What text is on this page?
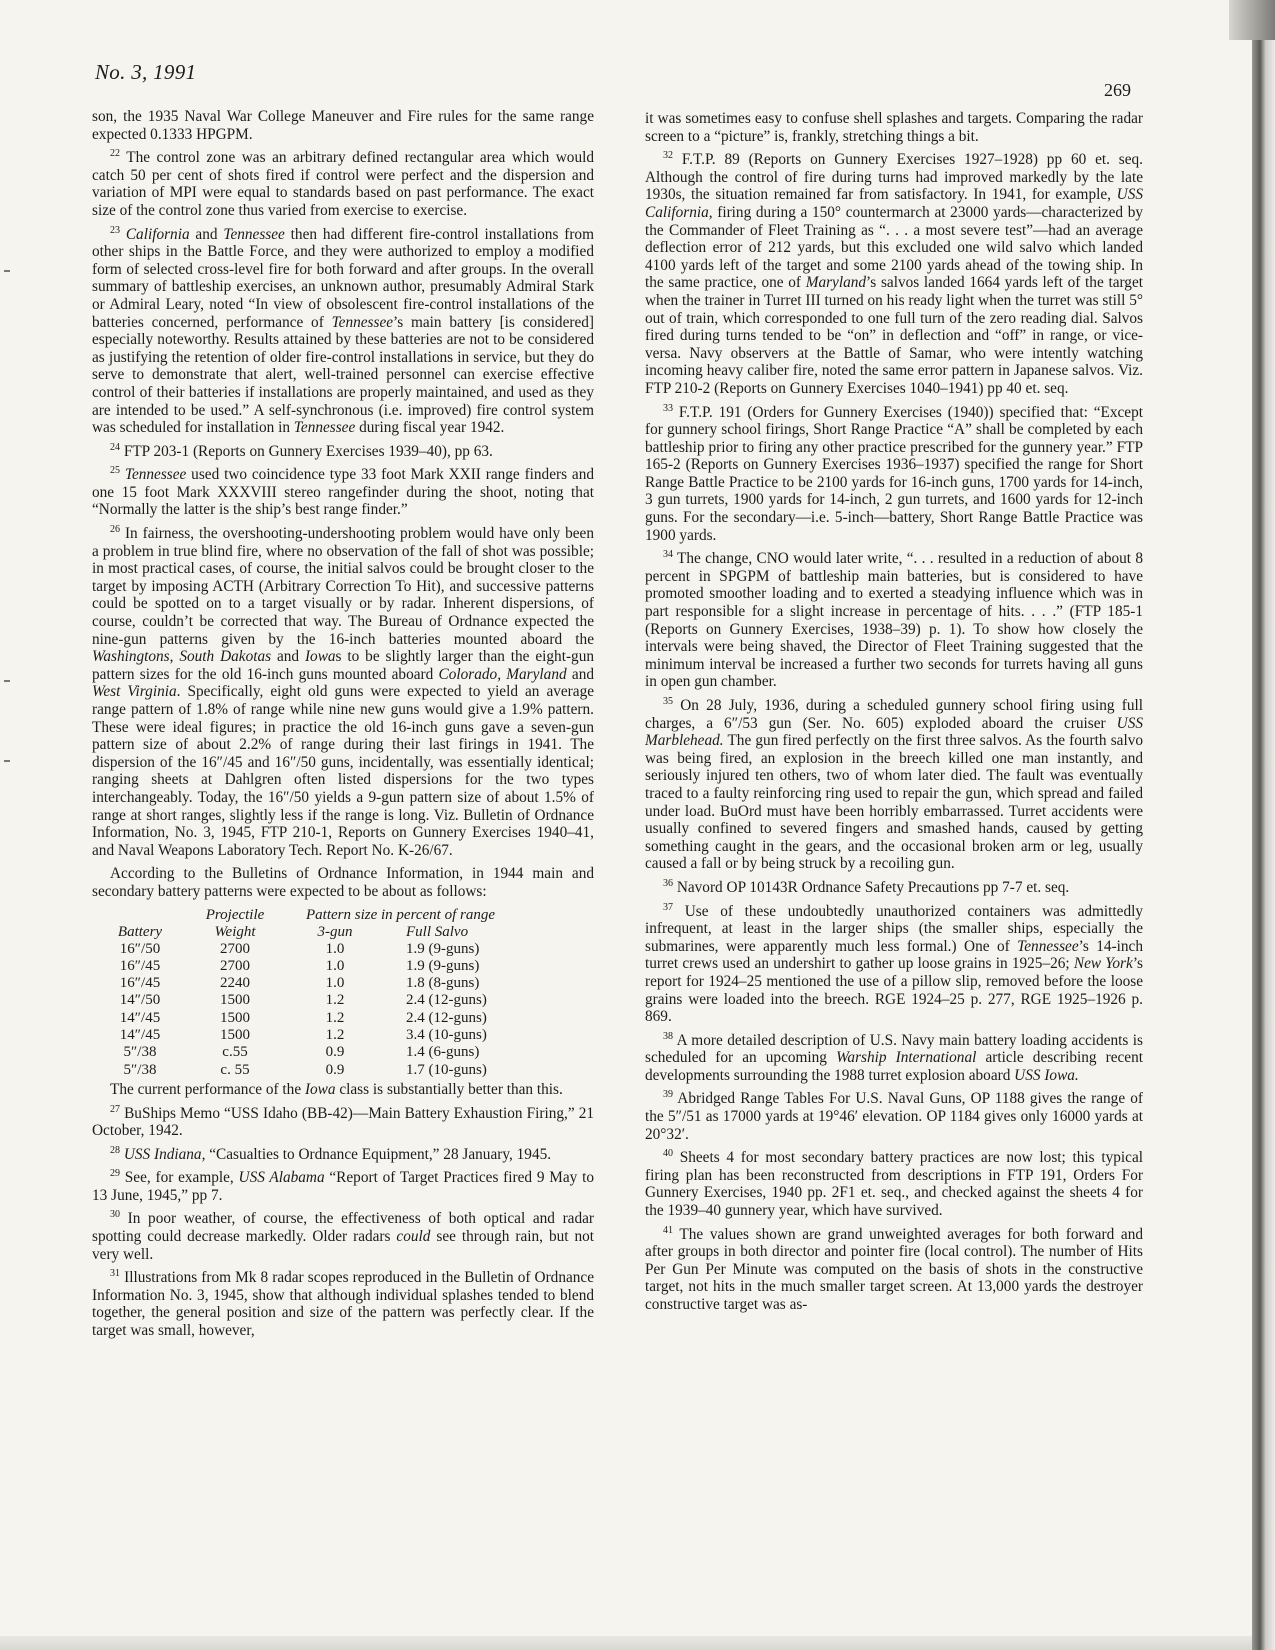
No. 3, 1991
269

son, the 1935 Naval War College Maneuver and Fire rules for the same range expected 0.1333 HPGPM.

$^{22}$ The control zone was an arbitrary defined rectangular area which would catch 50 per cent of shots fired if control were perfect and the dispersion and variation of MPI were equal to standards based on past performance. The exact size of the control zone thus varied from exercise to exercise.

$^{23}$ California and Tennessee then had different fire-control installations from other ships in the Battle Force, and they were authorized to employ a modified form of selected cross-level fire for both forward and after groups. In the overall summary of battleship exercises, an unknown author, presumably Admiral Stark or Admiral Leary, noted “In view of obsolescent fire-control installations of the batteries concerned, performance of Tennessee’s main battery [is considered] especially noteworthy. Results attained by these batteries are not to be considered as justifying the retention of older fire-control installations in service, but they do serve to demonstrate that alert, well-trained personnel can exercise effective control of their batteries if installations are properly maintained, and used as they are intended to be used.” A self-synchronous (i.e. improved) fire control system was scheduled for installation in Tennessee during fiscal year 1942.

$^{24}$ FTP 203-1 (Reports on Gunnery Exercises 1939–40), pp 63.

$^{25}$ Tennessee used two coincidence type 33 foot Mark XXII range finders and one 15 foot Mark XXXVIII stereo rangefinder during the shoot, noting that “Normally the latter is the ship’s best range finder.”

$^{26}$ In fairness, the overshooting-undershooting problem would have only been a problem in true blind fire, where no observation of the fall of shot was possible; in most practical cases, of course, the initial salvos could be brought closer to the target by imposing ACTH (Arbitrary Correction To Hit), and successive patterns could be spotted on to a target visually or by radar. Inherent dispersions, of course, couldn’t be corrected that way. The Bureau of Ordnance expected the nine-gun patterns given by the 16-inch batteries mounted aboard the Washingtons, South Dakotas and Iowas to be slightly larger than the eight-gun pattern sizes for the old 16-inch guns mounted aboard Colorado, Maryland and West Virginia. Specifically, eight old guns were expected to yield an average range pattern of 1.8% of range while nine new guns would give a 1.9% pattern. These were ideal figures; in practice the old 16-inch guns gave a seven-gun pattern size of about 2.2% of range during their last firings in 1941. The dispersion of the 16″/45 and 16″/50 guns, incidentally, was essentially identical; ranging sheets at Dahlgren often listed dispersions for the two types interchangeably. Today, the 16″/50 yields a 9-gun pattern size of about 1.5% of range at short ranges, slightly less if the range is long. Viz. Bulletin of Ordnance Information, No. 3, 1945, FTP 210-1, Reports on Gunnery Exercises 1940–41, and Naval Weapons Laboratory Tech. Report No. K-26/67.

According to the Bulletins of Ordnance Information, in 1944 main and secondary battery patterns were expected to be about as follows:

	Projectile	Pattern size in percent of range	
Battery	Weight	3-gun	Full Salvo
16″/50	2700	1.0	1.9 (9-guns)
16″/45	2700	1.0	1.9 (9-guns)
16″/45	2240	1.0	1.8 (8-guns)
14″/50	1500	1.2	2.4 (12-guns)
14″/45	1500	1.2	2.4 (12-guns)
14″/45	1500	1.2	3.4 (10-guns)
5″/38	c.55	0.9	1.4 (6-guns)
5″/38	c. 55	0.9	1.7 (10-guns)

The current performance of the Iowa class is substantially better than this.

$^{27}$ BuShips Memo “USS Idaho (BB-42)—Main Battery Exhaustion Firing,” 21 October, 1942.

$^{28}$ USS Indiana, “Casualties to Ordnance Equipment,” 28 January, 1945.

$^{29}$ See, for example, USS Alabama “Report of Target Practices fired 9 May to 13 June, 1945,” pp 7.

$^{30}$ In poor weather, of course, the effectiveness of both optical and radar spotting could decrease markedly. Older radars could see through rain, but not very well.

$^{31}$ Illustrations from Mk 8 radar scopes reproduced in the Bulletin of Ordnance Information No. 3, 1945, show that although individual splashes tended to blend together, the general position and size of the pattern was perfectly clear. If the target was small, however,

it was sometimes easy to confuse shell splashes and targets. Comparing the radar screen to a “picture” is, frankly, stretching things a bit.

$^{32}$ F.T.P. 89 (Reports on Gunnery Exercises 1927–1928) pp 60 et. seq. Although the control of fire during turns had improved markedly by the late 1930s, the situation remained far from satisfactory. In 1941, for example, USS California, firing during a 150° countermarch at 23000 yards—characterized by the Commander of Fleet Training as “. . . a most severe test”—had an average deflection error of 212 yards, but this excluded one wild salvo which landed 4100 yards left of the target and some 2100 yards ahead of the towing ship. In the same practice, one of Maryland’s salvos landed 1664 yards left of the target when the trainer in Turret III turned on his ready light when the turret was still 5° out of train, which corresponded to one full turn of the zero reading dial. Salvos fired during turns tended to be “on” in deflection and “off” in range, or vice-versa. Navy observers at the Battle of Samar, who were intently watching incoming heavy caliber fire, noted the same error pattern in Japanese salvos. Viz. FTP 210-2 (Reports on Gunnery Exercises 1040–1941) pp 40 et. seq.

$^{33}$ F.T.P. 191 (Orders for Gunnery Exercises (1940)) specified that: “Except for gunnery school firings, Short Range Practice “A” shall be completed by each battleship prior to firing any other practice prescribed for the gunnery year.” FTP 165-2 (Reports on Gunnery Exercises 1936–1937) specified the range for Short Range Battle Practice to be 2100 yards for 16-inch guns, 1700 yards for 14-inch, 3 gun turrets, 1900 yards for 14-inch, 2 gun turrets, and 1600 yards for 12-inch guns. For the secondary—i.e. 5-inch—battery, Short Range Battle Practice was 1900 yards.

$^{34}$ The change, CNO would later write, “. . . resulted in a reduction of about 8 percent in SPGPM of battleship main batteries, but is considered to have promoted smoother loading and to exerted a steadying influence which was in part responsible for a slight increase in percentage of hits. . . .” (FTP 185-1 (Reports on Gunnery Exercises, 1938–39) p. 1). To show how closely the intervals were being shaved, the Director of Fleet Training suggested that the minimum interval be increased a further two seconds for turrets having all guns in open gun chamber.

$^{35}$ On 28 July, 1936, during a scheduled gunnery school firing using full charges, a 6″/53 gun (Ser. No. 605) exploded aboard the cruiser USS Marblehead. The gun fired perfectly on the first three salvos. As the fourth salvo was being fired, an explosion in the breech killed one man instantly, and seriously injured ten others, two of whom later died. The fault was eventually traced to a faulty reinforcing ring used to repair the gun, which spread and failed under load. BuOrd must have been horribly embarrassed. Turret accidents were usually confined to severed fingers and smashed hands, caused by getting something caught in the gears, and the occasional broken arm or leg, usually caused a fall or by being struck by a recoiling gun.

$^{36}$ Navord OP 10143R Ordnance Safety Precautions pp 7-7 et. seq.

$^{37}$ Use of these undoubtedly unauthorized containers was admittedly infrequent, at least in the larger ships (the smaller ships, especially the submarines, were apparently much less formal.) One of Tennessee’s 14-inch turret crews used an undershirt to gather up loose grains in 1925–26; New York’s report for 1924–25 mentioned the use of a pillow slip, removed before the loose grains were loaded into the breech. RGE 1924–25 p. 277, RGE 1925–1926 p. 869.

$^{38}$ A more detailed description of U.S. Navy main battery loading accidents is scheduled for an upcoming Warship International article describing recent developments surrounding the 1988 turret explosion aboard USS Iowa.

$^{39}$ Abridged Range Tables For U.S. Naval Guns, OP 1188 gives the range of the 5″/51 as 17000 yards at 19°46′ elevation. OP 1184 gives only 16000 yards at 20°32′.

$^{40}$ Sheets 4 for most secondary battery practices are now lost; this typical firing plan has been reconstructed from descriptions in FTP 191, Orders For Gunnery Exercises, 1940 pp. 2F1 et. seq., and checked against the sheets 4 for the 1939–40 gunnery year, which have survived.

$^{41}$ The values shown are grand unweighted averages for both forward and after groups in both director and pointer fire (local control). The number of Hits Per Gun Per Minute was computed on the basis of shots in the constructive target, not hits in the much smaller target screen. At 13,000 yards the destroyer constructive target was as-
